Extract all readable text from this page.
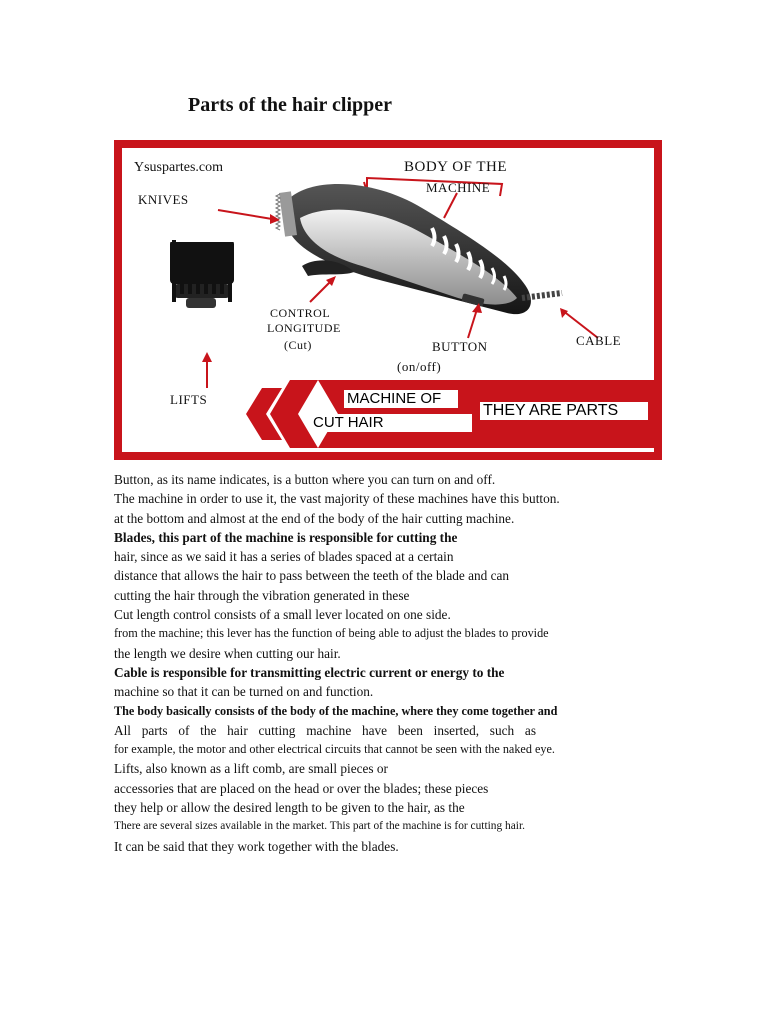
Parts of the hair clipper
Ysuspartes.com
KNIVES
BODY OF THE
MACHINE
CONTROL
LONGITUDE
(Cut)	BUTTON
(on/off)
CABLE
LIFTS	MACHINE OF
CUT HAIR
THEY ARE PARTS

Button, as its name indicates, is a button where you can turn on and off.

The machine in order to use it, the vast majority of these machines have this button.

at the bottom and almost at the end of the body of the hair cutting machine.

Blades, this part of the machine is responsible for cutting the

hair, since as we said it has a series of blades spaced at a certain

distance that allows the hair to pass between the teeth of the blade and can

cutting the hair through the vibration generated in these

Cut length control consists of a small lever located on one side.

from the machine; this lever has the function of being able to adjust the blades to provide

the length we desire when cutting our hair.

Cable is responsible for transmitting electric current or energy to the

machine so that it can be turned on and function.

The body basically consists of the body of the machine, where they come together and

All parts of the hair cutting machine have been inserted, such as

for example, the motor and other electrical circuits that cannot be seen with the naked eye.

Lifts, also known as a lift comb, are small pieces or

accessories that are placed on the head or over the blades; these pieces

they help or allow the desired length to be given to the hair, as the

There are several sizes available in the market. This part of the machine is for cutting hair.

It can be said that they work together with the blades.
